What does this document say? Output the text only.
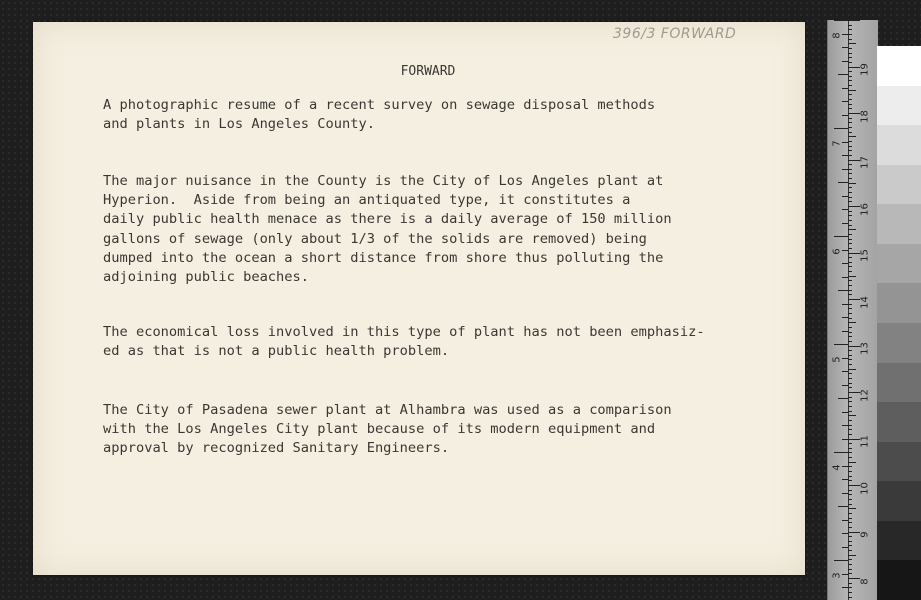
396/3 FORWARD
FORWARD
A photographic resume of a recent survey on sewage disposal methods
and plants in Los Angeles County.
The major nuisance in the County is the City of Los Angeles plant at
Hyperion.  Aside from being an antiquated type, it constitutes a
daily public health menace as there is a daily average of 150 million
gallons of sewage (only about 1/3 of the solids are removed) being
dumped into the ocean a short distance from shore thus polluting the
adjoining public beaches.
The economical loss involved in this type of plant has not been emphasiz-
ed as that is not a public health problem.
The City of Pasadena sewer plant at Alhambra was used as a comparison
with the Los Angeles City plant because of its modern equipment and
approval by recognized Sanitary Engineers.
8
7
6
5
4
3
19
18
17
16
15
14
13
12
11
10
9
8
